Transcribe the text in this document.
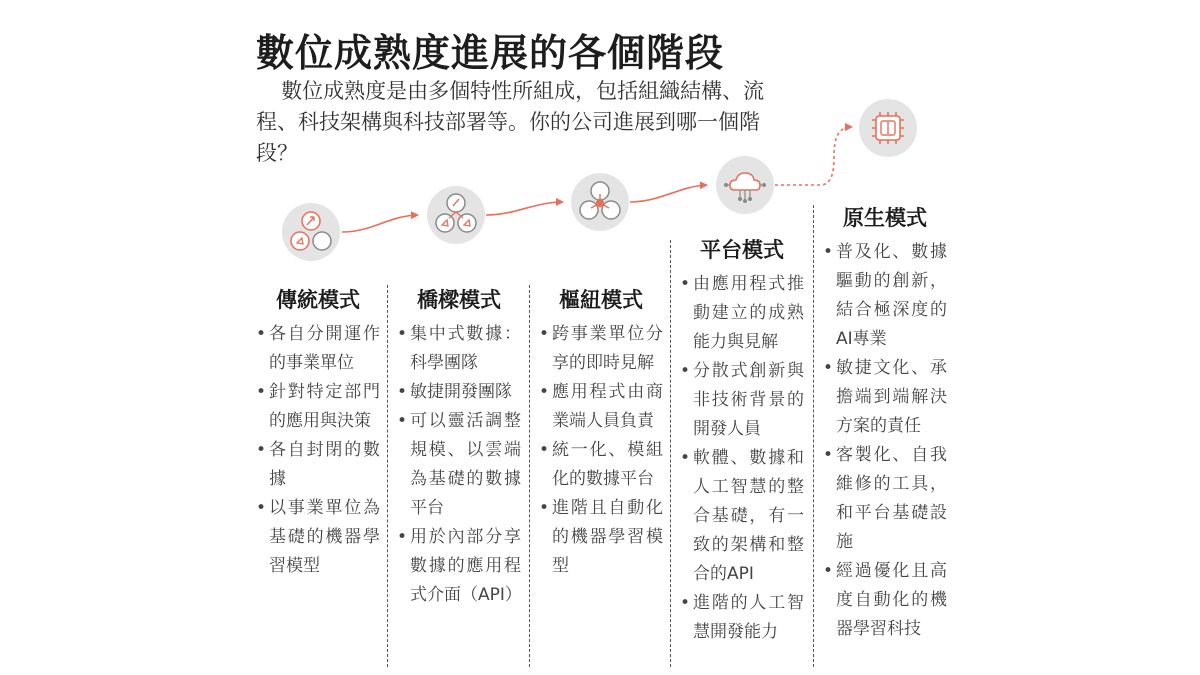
數位成熟度進展的各個階段

數位成熟度是由多個特性所組成，包括組織結構、流程、科技架構與科技部署等。你的公司進展到哪一個階段？

傳統模式
• 各自分開運作的事業單位
• 針對特定部門的應用與決策
• 各自封閉的數據
• 以事業單位為基礎的機器學習模型
橋樑模式
• 集中式數據：科學團隊
• 敏捷開發團隊
• 可以靈活調整規模、以雲端為基礎的數據平台
• 用於內部分享數據的應用程式介面（API）
樞紐模式
• 跨事業單位分享的即時見解
• 應用程式由商業端人員負責
• 統一化、模組化的數據平台
• 進階且自動化的機器學習模型
平台模式
• 由應用程式推動建立的成熟能力與見解
• 分散式創新與非技術背景的開發人員
• 軟體、數據和人工智慧的整合基礎，有一致的架構和整合的API
• 進階的人工智慧開發能力
原生模式
• 普及化、數據驅動的創新，結合極深度的AI專業
• 敏捷文化、承擔端到端解決方案的責任
• 客製化、自我維修的工具，和平台基礎設施
• 經過優化且高度自動化的機器學習科技
